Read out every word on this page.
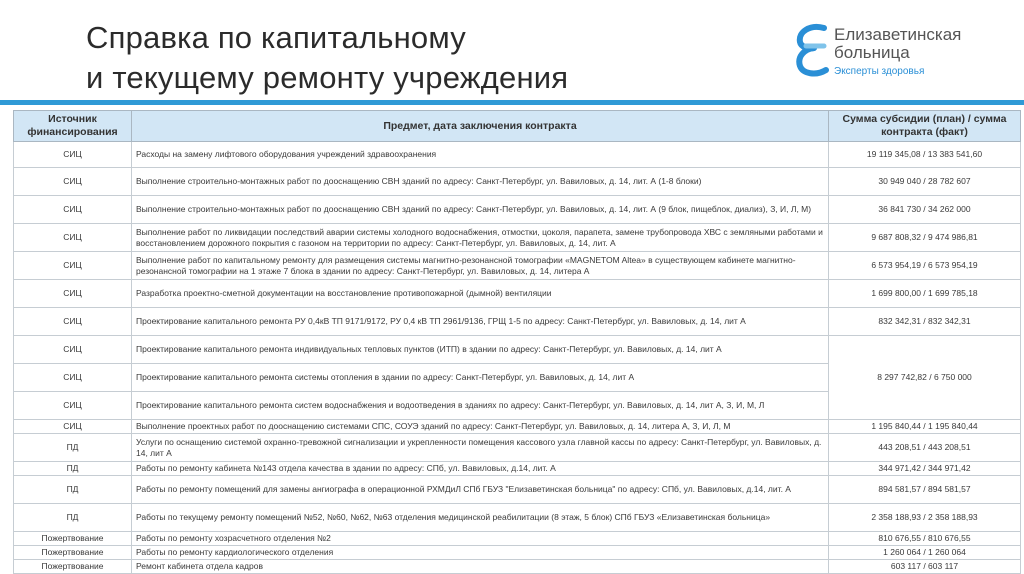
Справка по капитальному
и текущему ремонту учреждения
Елизаветинская
больница
Эксперты здоровья
Источник финансирования	Предмет, дата заключения контракта	Сумма субсидии (план) / сумма контракта (факт)
СИЦ	Расходы на замену лифтового оборудования учреждений здравоохранения	19 119 345,08 / 13 383 541,60
СИЦ	Выполнение строительно-монтажных работ по дооснащению СВН зданий по адресу: Санкт-Петербург, ул. Вавиловых, д. 14, лит. А (1-8 блоки)	30 949 040 / 28 782 607
СИЦ	Выполнение строительно-монтажных работ по дооснащению СВН зданий по адресу: Санкт-Петербург, ул. Вавиловых, д. 14, лит. А (9 блок, пищеблок, диализ), З, И, Л, М)	36 841 730 / 34 262 000
СИЦ	Выполнение работ по ликвидации последствий аварии системы холодного водоснабжения, отмостки, цоколя, парапета, замене трубопровода ХВС с земляными работами и восстановлением дорожного покрытия с газоном на территории по адресу: Санкт-Петербург, ул. Вавиловых, д. 14, лит. А	9 687 808,32 / 9 474 986,81
СИЦ	Выполнение работ по капитальному ремонту для размещения системы магнитно-резонансной томографии «MAGNETOM Altea» в существующем кабинете магнитно-резонансной томографии на 1 этаже 7 блока в здании по адресу: Санкт-Петербург, ул. Вавиловых, д. 14, литера А	6 573 954,19 / 6 573 954,19
СИЦ	Разработка проектно-сметной документации на восстановление противопожарной (дымной) вентиляции	1 699 800,00 / 1 699 785,18
СИЦ	Проектирование капитального ремонта РУ 0,4кВ ТП 9171/9172, РУ 0,4 кВ ТП 2961/9136, ГРЩ 1-5 по адресу: Санкт-Петербург, ул. Вавиловых, д. 14, лит А	832 342,31 / 832 342,31
СИЦ	Проектирование капитального ремонта индивидуальных тепловых пунктов (ИТП) в здании по адресу: Санкт-Петербург, ул. Вавиловых, д. 14, лит А	8 297 742,82 / 6 750 000
СИЦ	Проектирование капитального ремонта системы отопления в здании по адресу: Санкт-Петербург, ул. Вавиловых, д. 14, лит А	
СИЦ	Проектирование капитального ремонта систем водоснабжения и водоотведения в зданиях по адресу: Санкт-Петербург, ул. Вавиловых, д. 14, лит А, З, И, М, Л	
СИЦ	Выполнение проектных работ по дооснащению системами СПС, СОУЭ зданий по адресу: Санкт-Петербург, ул. Вавиловых, д. 14, литера А, З, И, Л, М	1 195 840,44 / 1 195 840,44
ПД	Услуги по оснащению системой охранно-тревожной сигнализации и укрепленности помещения кассового узла главной кассы по адресу: Санкт-Петербург, ул. Вавиловых, д. 14, лит А	443 208,51 / 443 208,51
ПД	Работы по ремонту кабинета №143 отдела качества в здании по адресу: СПб, ул. Вавиловых, д.14, лит. А	344 971,42 / 344 971,42
ПД	Работы по ремонту помещений для замены ангиографа в операционной РХМДиЛ СПб ГБУЗ "Елизаветинская больница" по адресу: СПб, ул. Вавиловых, д.14, лит. А	894 581,57 / 894 581,57
ПД	Работы по текущему ремонту помещений №52, №60, №62, №63 отделения медицинской реабилитации (8 этаж, 5 блок) СПб ГБУЗ «Елизаветинская больница»	2 358 188,93 / 2 358 188,93
Пожертвование	Работы по ремонту хозрасчетного отделения №2	810 676,55 / 810 676,55
Пожертвование	Работы по ремонту кардиологического отделения	1 260 064 / 1 260 064
Пожертвование	Ремонт кабинета отдела кадров	603 117 / 603 117
